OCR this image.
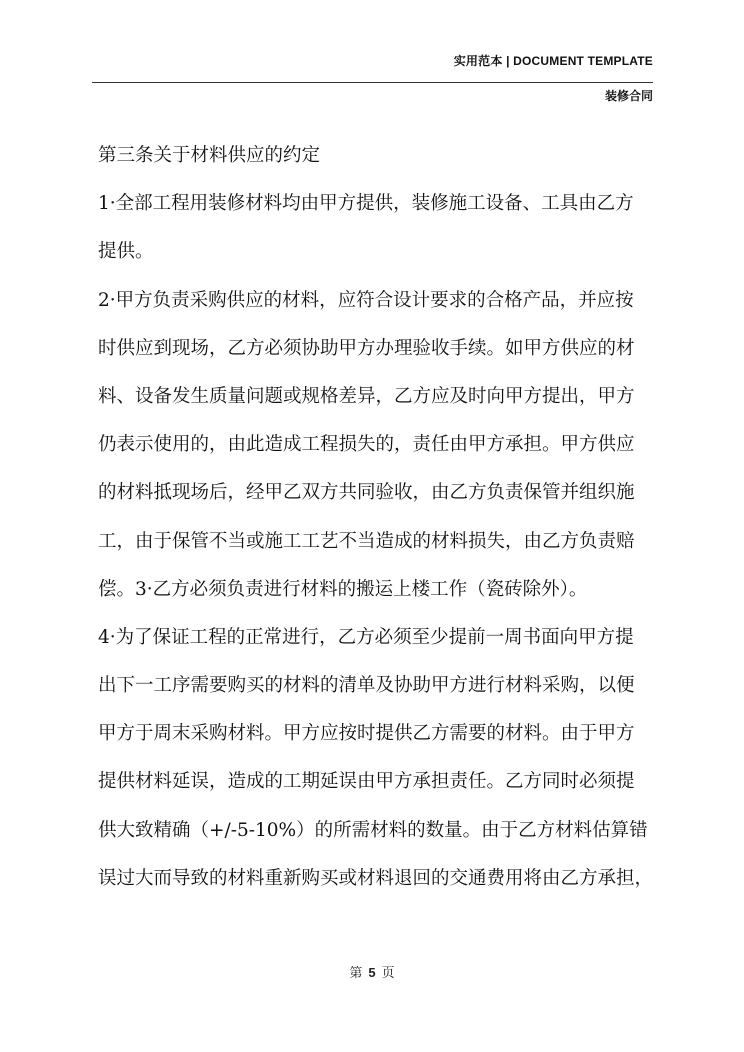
实用范本 | DOCUMENT TEMPLATE
装修合同
第三条关于材料供应的约定
1·全部工程用装修材料均由甲方提供，装修施工设备、工具由乙方
提供。
2·甲方负责采购供应的材料，应符合设计要求的合格产品，并应按
时供应到现场，乙方必须协助甲方办理验收手续。如甲方供应的材
料、设备发生质量问题或规格差异，乙方应及时向甲方提出，甲方
仍表示使用的，由此造成工程损失的，责任由甲方承担。甲方供应
的材料抵现场后，经甲乙双方共同验收，由乙方负责保管并组织施
工，由于保管不当或施工工艺不当造成的材料损失，由乙方负责赔
偿。3·乙方必须负责进行材料的搬运上楼工作（瓷砖除外）。
4·为了保证工程的正常进行，乙方必须至少提前一周书面向甲方提
出下一工序需要购买的材料的清单及协助甲方进行材料采购，以便
甲方于周末采购材料。甲方应按时提供乙方需要的材料。由于甲方
提供材料延误，造成的工期延误由甲方承担责任。乙方同时必须提
供大致精确（+/-5-10%）的所需材料的数量。由于乙方材料估算错
误过大而导致的材料重新购买或材料退回的交通费用将由乙方承担，
第 5 页
